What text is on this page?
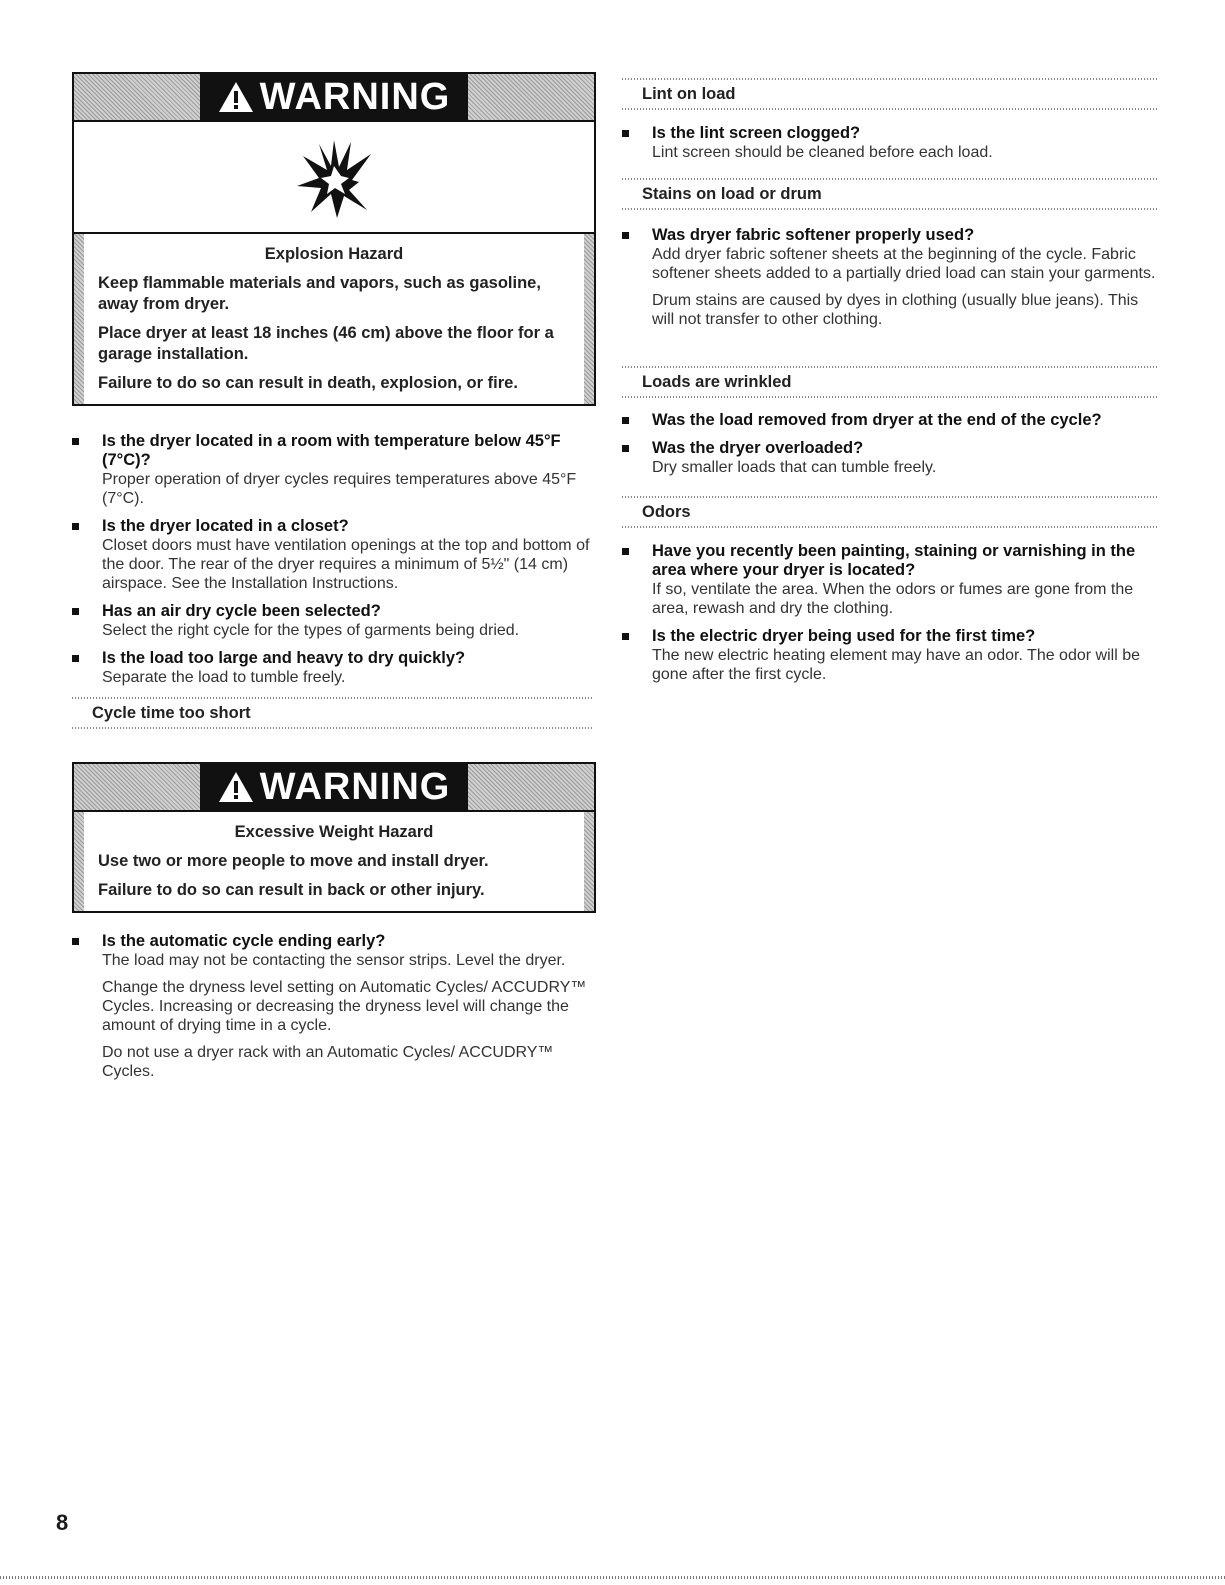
WARNING

Explosion Hazard

Keep flammable materials and vapors, such as gasoline, away from dryer.

Place dryer at least 18 inches (46 cm) above the floor for a garage installation.

Failure to do so can result in death, explosion, or fire.

Is the dryer located in a room with temperature below 45°F (7°C)?
Proper operation of dryer cycles requires temperatures above 45°F (7°C).
Is the dryer located in a closet?
Closet doors must have ventilation openings at the top and bottom of the door. The rear of the dryer requires a minimum of 5½" (14 cm) airspace. See the Installation Instructions.
Has an air dry cycle been selected?
Select the right cycle for the types of garments being dried.
Is the load too large and heavy to dry quickly?
Separate the load to tumble freely.
Cycle time too short
WARNING

Excessive Weight Hazard

Use two or more people to move and install dryer.

Failure to do so can result in back or other injury.

Is the automatic cycle ending early?
The load may not be contacting the sensor strips. Level the dryer.
Change the dryness level setting on Automatic Cycles/ ACCUDRY™ Cycles. Increasing or decreasing the dryness level will change the amount of drying time in a cycle.
Do not use a dryer rack with an Automatic Cycles/ ACCUDRY™ Cycles.
Lint on load
Is the lint screen clogged?
Lint screen should be cleaned before each load.
Stains on load or drum
Was dryer fabric softener properly used?
Add dryer fabric softener sheets at the beginning of the cycle. Fabric softener sheets added to a partially dried load can stain your garments.
Drum stains are caused by dyes in clothing (usually blue jeans). This will not transfer to other clothing.
Loads are wrinkled
Was the load removed from dryer at the end of the cycle?
Was the dryer overloaded?
Dry smaller loads that can tumble freely.
Odors
Have you recently been painting, staining or varnishing in the area where your dryer is located?
If so, ventilate the area. When the odors or fumes are gone from the area, rewash and dry the clothing.
Is the electric dryer being used for the first time?
The new electric heating element may have an odor. The odor will be gone after the first cycle.
8
